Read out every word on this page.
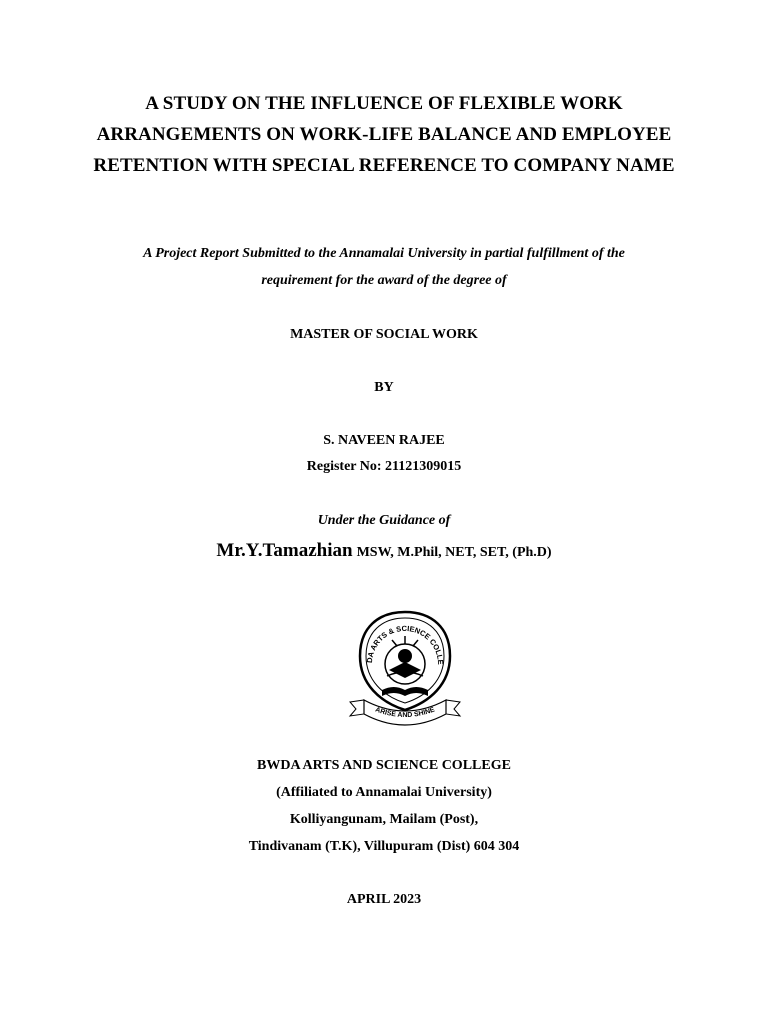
A STUDY ON THE INFLUENCE OF FLEXIBLE WORK
ARRANGEMENTS ON WORK-LIFE BALANCE AND EMPLOYEE
RETENTION WITH SPECIAL REFERENCE TO COMPANY NAME
A Project Report Submitted to the Annamalai University in partial fulfillment of the
requirement for the award of the degree of
MASTER OF SOCIAL WORK
BY
S. NAVEEN RAJEE
Register No: 21121309015
Under the Guidance of
Mr.Y.Tamazhian MSW, M.Phil, NET, SET, (Ph.D)
DA ARTS & SCIENCE COLLE
ARISE AND SHINE
BWDA ARTS AND SCIENCE COLLEGE
(Affiliated to Annamalai University)
Kolliyangunam, Mailam (Post),
Tindivanam (T.K), Villupuram (Dist) 604 304
APRIL 2023
